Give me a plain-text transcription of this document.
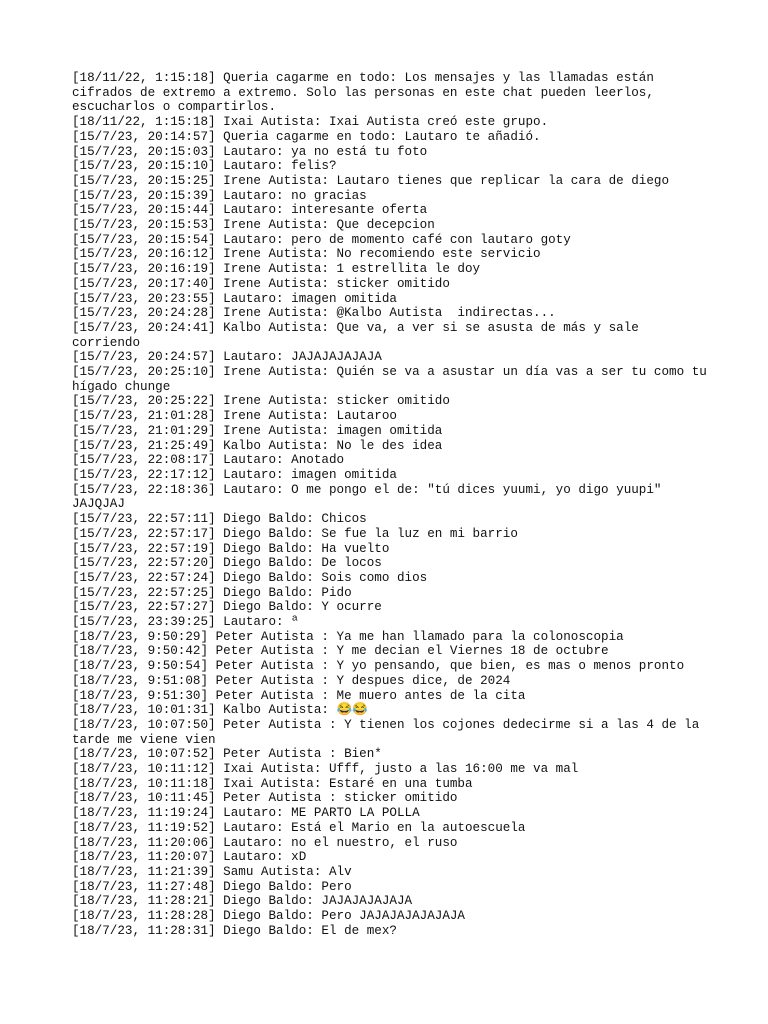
[18/11/22, 1:15:18] Queria cagarme en todo: Los mensajes y las llamadas están cifrados de extremo a extremo. Solo las personas en este chat pueden leerlos, escucharlos o compartirlos.
[18/11/22, 1:15:18] Ixai Autista: Ixai Autista creó este grupo.
[15/7/23, 20:14:57] Queria cagarme en todo: Lautaro te añadió.
[15/7/23, 20:15:03] Lautaro: ya no está tu foto
[15/7/23, 20:15:10] Lautaro: felis?
[15/7/23, 20:15:25] Irene Autista: Lautaro tienes que replicar la cara de diego
[15/7/23, 20:15:39] Lautaro: no gracias
[15/7/23, 20:15:44] Lautaro: interesante oferta
[15/7/23, 20:15:53] Irene Autista: Que decepcion
[15/7/23, 20:15:54] Lautaro: pero de momento café con lautaro goty
[15/7/23, 20:16:12] Irene Autista: No recomiendo este servicio
[15/7/23, 20:16:19] Irene Autista: 1 estrellita le doy
[15/7/23, 20:17:40] Irene Autista: sticker omitido
[15/7/23, 20:23:55] Lautaro: imagen omitida
[15/7/23, 20:24:28] Irene Autista: @Kalbo Autista  indirectas...
[15/7/23, 20:24:41] Kalbo Autista: Que va, a ver si se asusta de más y sale corriendo
[15/7/23, 20:24:57] Lautaro: JAJAJAJAJAJA
[15/7/23, 20:25:10] Irene Autista: Quién se va a asustar un día vas a ser tu como tu hígado chunge
[15/7/23, 20:25:22] Irene Autista: sticker omitido
[15/7/23, 21:01:28] Irene Autista: Lautaroo
[15/7/23, 21:01:29] Irene Autista: imagen omitida
[15/7/23, 21:25:49] Kalbo Autista: No le des idea
[15/7/23, 22:08:17] Lautaro: Anotado
[15/7/23, 22:17:12] Lautaro: imagen omitida
[15/7/23, 22:18:36] Lautaro: O me pongo el de: "tú dices yuumi, yo digo yuupi" JAJQJAJ
[15/7/23, 22:57:11] Diego Baldo: Chicos
[15/7/23, 22:57:17] Diego Baldo: Se fue la luz en mi barrio
[15/7/23, 22:57:19] Diego Baldo: Ha vuelto
[15/7/23, 22:57:20] Diego Baldo: De locos
[15/7/23, 22:57:24] Diego Baldo: Sois como dios
[15/7/23, 22:57:25] Diego Baldo: Pido
[15/7/23, 22:57:27] Diego Baldo: Y ocurre
[15/7/23, 23:39:25] Lautaro: ª
[18/7/23, 9:50:29] Peter Autista : Ya me han llamado para la colonoscopia
[18/7/23, 9:50:42] Peter Autista : Y me decian el Viernes 18 de octubre
[18/7/23, 9:50:54] Peter Autista : Y yo pensando, que bien, es mas o menos pronto
[18/7/23, 9:51:08] Peter Autista : Y despues dice, de 2024
[18/7/23, 9:51:30] Peter Autista : Me muero antes de la cita
[18/7/23, 10:01:31] Kalbo Autista: 😂😂
[18/7/23, 10:07:50] Peter Autista : Y tienen los cojones dedecirme si a las 4 de la tarde me viene vien
[18/7/23, 10:07:52] Peter Autista : Bien*
[18/7/23, 10:11:12] Ixai Autista: Ufff, justo a las 16:00 me va mal
[18/7/23, 10:11:18] Ixai Autista: Estaré en una tumba
[18/7/23, 10:11:45] Peter Autista : sticker omitido
[18/7/23, 11:19:24] Lautaro: ME PARTO LA POLLA
[18/7/23, 11:19:52] Lautaro: Está el Mario en la autoescuela
[18/7/23, 11:20:06] Lautaro: no el nuestro, el ruso
[18/7/23, 11:20:07] Lautaro: xD
[18/7/23, 11:21:39] Samu Autista: Alv
[18/7/23, 11:27:48] Diego Baldo: Pero
[18/7/23, 11:28:21] Diego Baldo: JAJAJAJAJAJA
[18/7/23, 11:28:28] Diego Baldo: Pero JAJAJAJAJAJAJA
[18/7/23, 11:28:31] Diego Baldo: El de mex?
